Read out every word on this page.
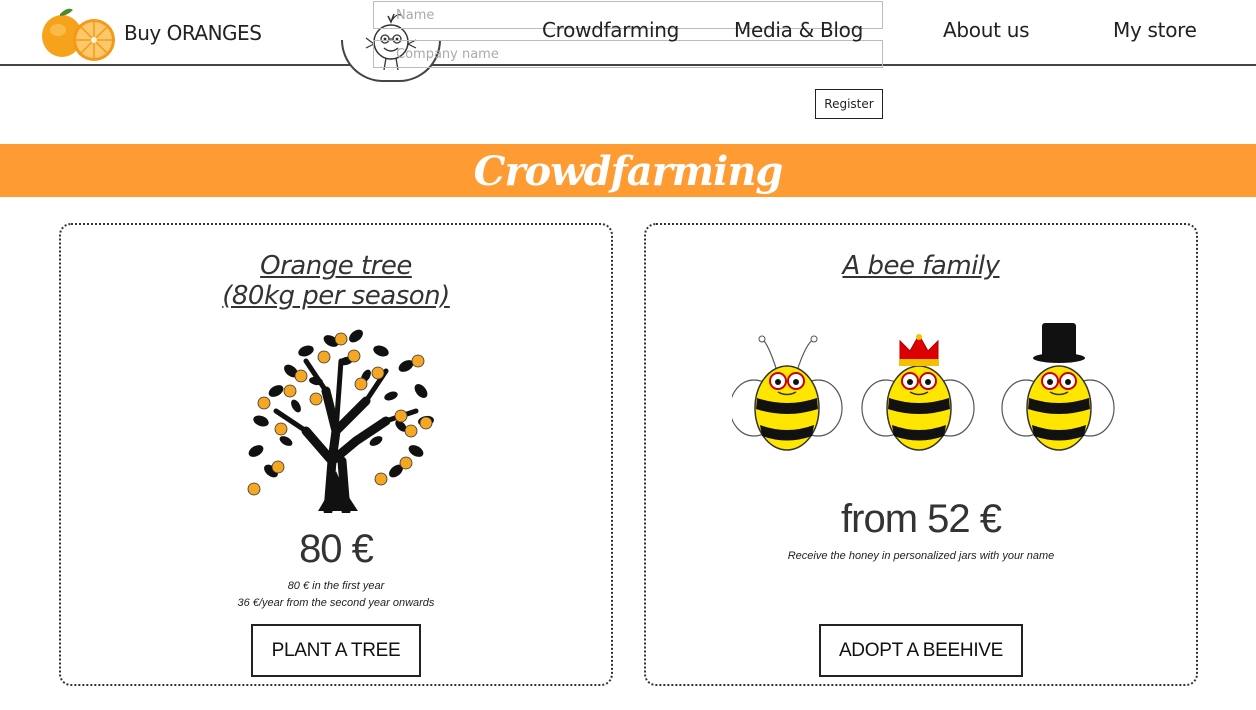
Buy ORANGES
Name
Company name	Crowdfarming	Media & Blog	About us	My store
Register
Crowdfarming
Orange tree
(80kg per season)
80 €
80 € in the first year
36 €/year from the second year onwards
PLANT A TREE
A bee family
from 52 €
Receive the honey in personalized jars with your name
ADOPT A BEEHIVE
